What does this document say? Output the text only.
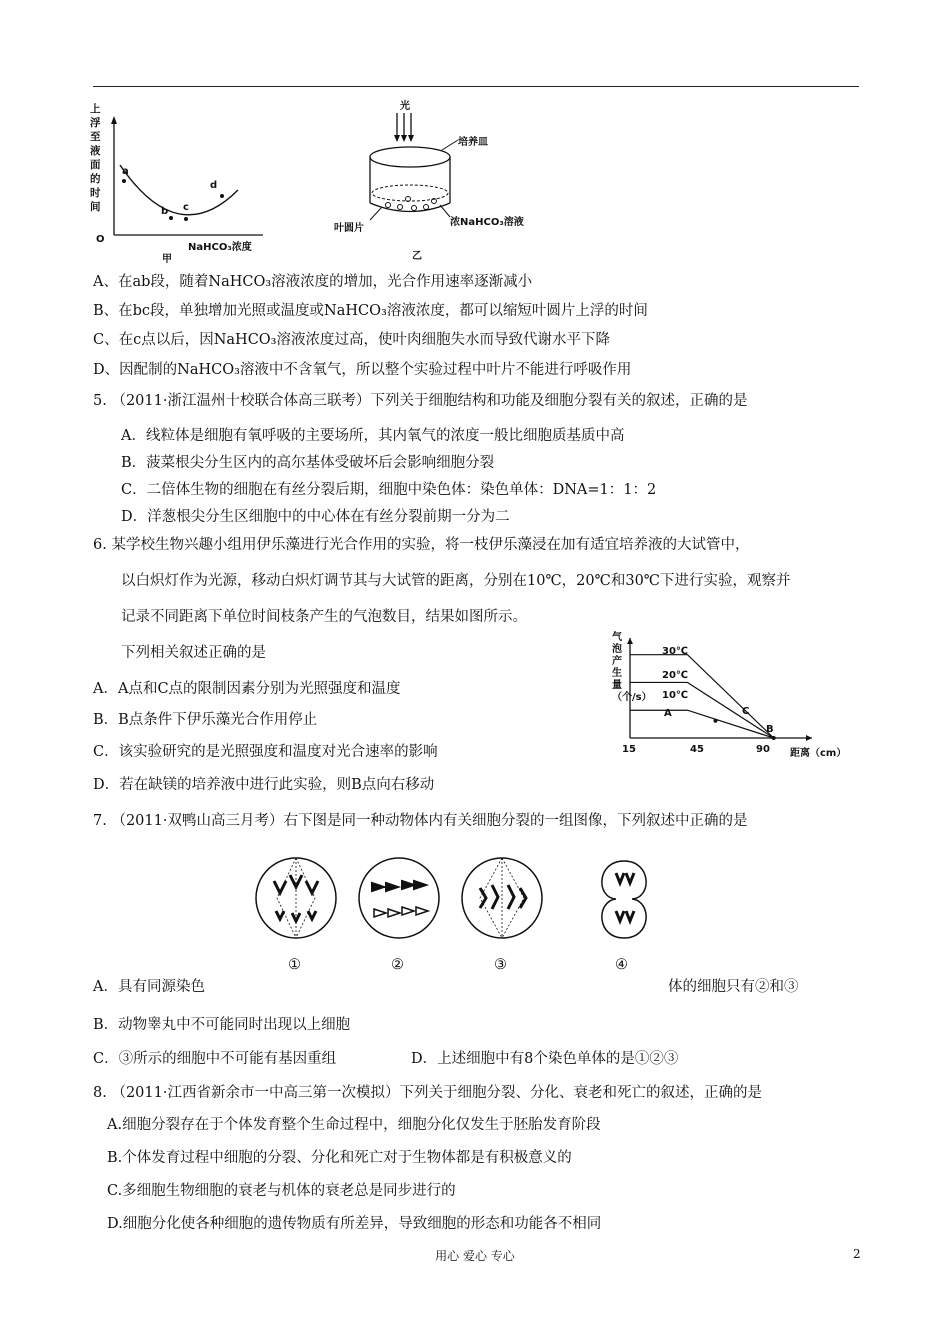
上浮至液面的时间
a
b c
d
O
NaHCO₃浓度
甲
光
培养皿
浓NaHCO₃溶液
叶圆片
乙
A、在ab段，随着NaHCO₃溶液浓度的增加，光合作用速率逐渐减小
B、在bc段，单独增加光照或温度或NaHCO₃溶液浓度，都可以缩短叶圆片上浮的时间
C、在c点以后，因NaHCO₃溶液浓度过高，使叶肉细胞失水而导致代谢水平下降
D、因配制的NaHCO₃溶液中不含氧气，所以整个实验过程中叶片不能进行呼吸作用
5. （2011·浙江温州十校联合体高三联考）下列关于细胞结构和功能及细胞分裂有关的叙述，正确的是
A．线粒体是细胞有氧呼吸的主要场所，其内氧气的浓度一般比细胞质基质中高
B．菠菜根尖分生区内的高尔基体受破坏后会影响细胞分裂
C．二倍体生物的细胞在有丝分裂后期，细胞中染色体：染色单体：DNA=1：1：2
D．洋葱根尖分生区细胞中的中心体在有丝分裂前期一分为二
6. 某学校生物兴趣小组用伊乐藻进行光合作用的实验，将一枝伊乐藻浸在加有适宜培养液的大试管中，
以白炽灯作为光源，移动白炽灯调节其与大试管的距离，分别在10℃，20℃和30℃下进行实验，观察并
记录不同距离下单位时间枝条产生的气泡数目，结果如图所示。
下列相关叙述正确的是
A．A点和C点的限制因素分别为光照强度和温度
B．B点条件下伊乐藻光合作用停止
C．该实验研究的是光照强度和温度对光合速率的影响
D．若在缺镁的培养液中进行此实验，则B点向右移动
气泡产生量（个/s）
15	45	90 距离（cm）
30℃
20℃
10℃
A	C
B
7. （2011·双鸭山高三月考）右下图是同一种动物体内有关细胞分裂的一组图像，下列叙述中正确的是
①	②	③	④
A．具有同源染色	体的细胞只有②和③
B．动物睾丸中不可能同时出现以上细胞
C．③所示的细胞中不可能有基因重组	D．上述细胞中有8个染色单体的是①②③
8. （2011·江西省新余市一中高三第一次模拟）下列关于细胞分裂、分化、衰老和死亡的叙述，正确的是
A.细胞分裂存在于个体发育整个生命过程中，细胞分化仅发生于胚胎发育阶段
B.个体发育过程中细胞的分裂、分化和死亡对于生物体都是有积极意义的
C.多细胞生物细胞的衰老与机体的衰老总是同步进行的
D.细胞分化使各种细胞的遗传物质有所差异，导致细胞的形态和功能各不相同
用心 爱心 专心	2
